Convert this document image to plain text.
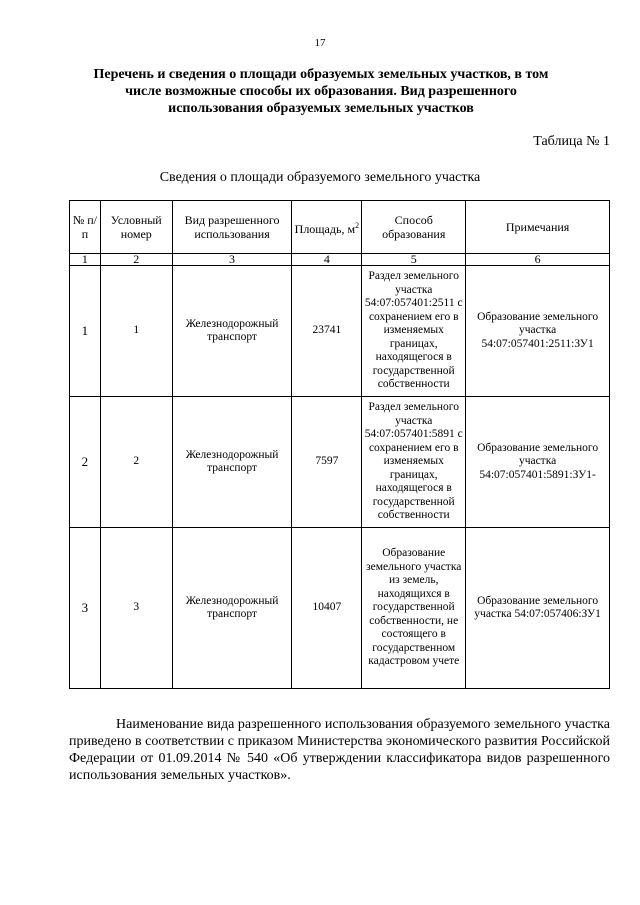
17
Перечень и сведения о площади образуемых земельных участков, в том числе возможные способы их образования. Вид разрешенного использования образуемых земельных участков
Таблица № 1
Сведения о площади образуемого земельного участка
№ п/п	Условный номер	Вид разрешенного использования	Площадь, $м^2$	Способ образования	Примечания
1	2	3	4	5	6
1	1	Железнодорожный транспорт	23741	Раздел земельного участка 54:07:057401:2511 с сохранением его в изменяемых границах, находящегося в государственной собственности	Образование земельного участка 54:07:057401:2511:ЗУ1
2	2	Железнодорожный транспорт	7597	Раздел земельного участка 54:07:057401:5891 с сохранением его в изменяемых границах, находящегося в государственной собственности	Образование земельного участка 54:07:057401:5891:ЗУ1-
3	3	Железнодорожный транспорт	10407	Образование земельного участка из земель, находящихся в государственной собственности, не состоящего в государственном кадастровом учете	Образование земельного участка 54:07:057406:ЗУ1
Наименование вида разрешенного использования образуемого земельного участка приведено в соответствии с приказом Министерства экономического развития Российской Федерации от 01.09.2014 № 540 «Об утверждении классификатора видов разрешенного использования земельных участков».
